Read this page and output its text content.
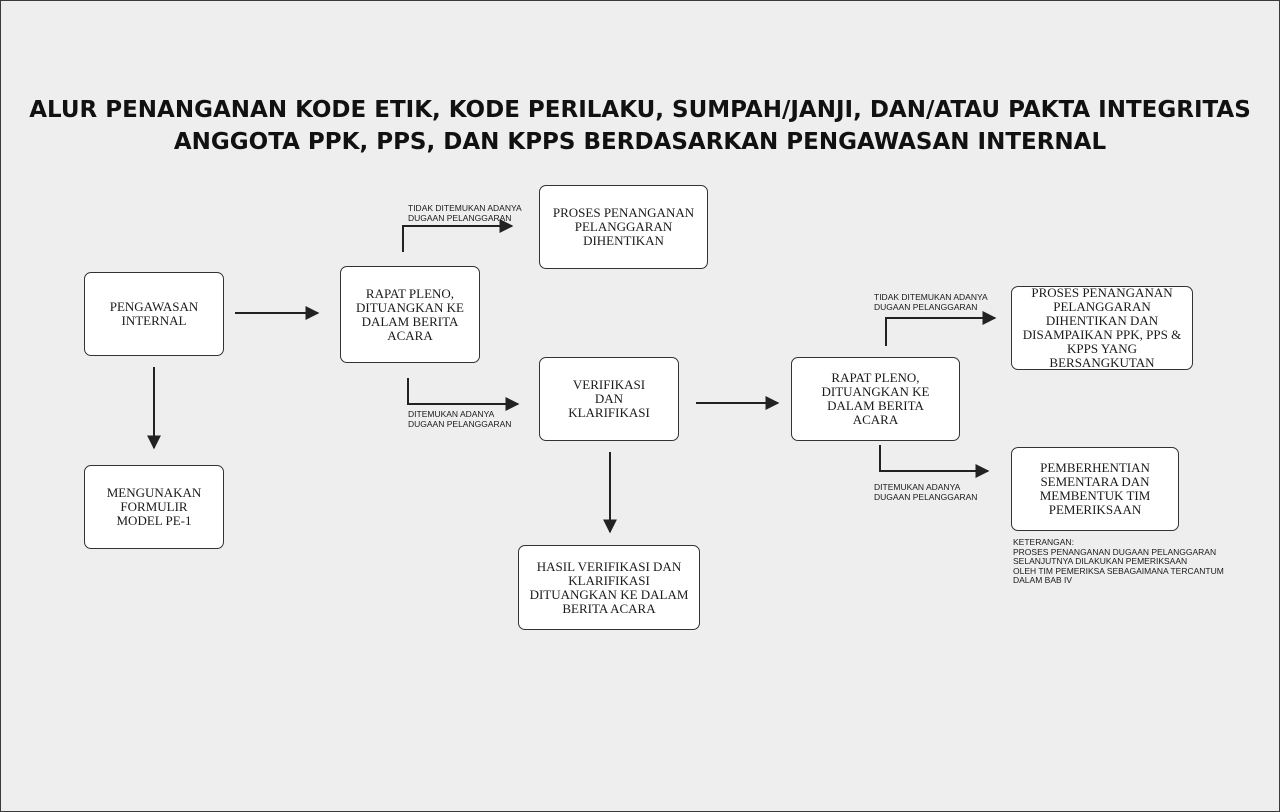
ALUR PENANGANAN KODE ETIK, KODE PERILAKU, SUMPAH/JANJI, DAN/ATAU PAKTA INTEGRITAS
ANGGOTA PPK, PPS, DAN KPPS BERDASARKAN PENGAWASAN INTERNAL
PENGAWASAN INTERNAL
MENGUNAKAN FORMULIR MODEL PE-1
RAPAT PLENO, DITUANGKAN KE DALAM BERITA ACARA
PROSES PENANGANAN PELANGGARAN DIHENTIKAN
VERIFIKASI DAN KLARIFIKASI
HASIL VERIFIKASI DAN KLARIFIKASI DITUANGKAN KE DALAM BERITA ACARA
RAPAT PLENO, DITUANGKAN KE DALAM BERITA ACARA
PROSES PENANGANAN PELANGGARAN DIHENTIKAN DAN DISAMPAIKAN PPK, PPS & KPPS YANG BERSANGKUTAN
PEMBERHENTIAN SEMENTARA DAN MEMBENTUK TIM PEMERIKSAAN
TIDAK DITEMUKAN ADANYA DUGAAN PELANGGARAN
DITEMUKAN ADANYA DUGAAN PELANGGARAN
TIDAK DITEMUKAN ADANYA DUGAAN PELANGGARAN
DITEMUKAN ADANYA DUGAAN PELANGGARAN
KETERANGAN:
PROSES PENANGANAN DUGAAN PELANGGARAN
SELANJUTNYA DILAKUKAN PEMERIKSAAN
OLEH TIM PEMERIKSA SEBAGAIMANA TERCANTUM
DALAM BAB IV
